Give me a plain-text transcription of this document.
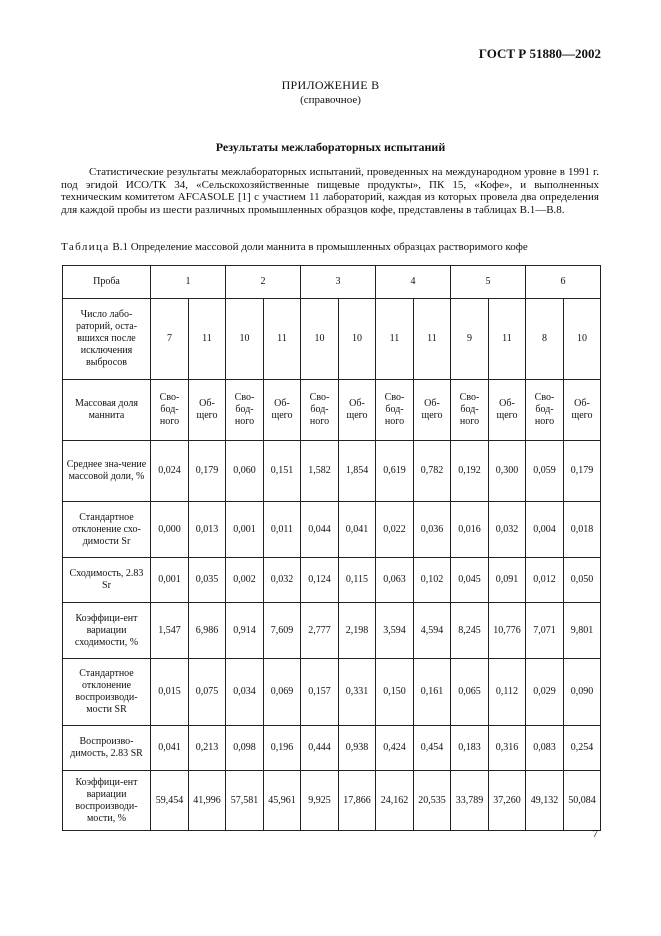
ГОСТ Р 51880—2002
ПРИЛОЖЕНИЕ В
(справочное)
Результаты межлабораторных испытаний

Статистические результаты межлабораторных испытаний, проведенных на международном уровне в 1991 г. под эгидой ИСО/ТК 34, «Сельскохозяйственные пищевые продукты», ПК 15, «Кофе», и выполненных техническим комитетом AFCASOLE [1] с участием 11 лабораторий, каждая из которых провела два определения для каждой пробы из шести различных промышленных образцов кофе, представлены в таблицах В.1—В.8.

Таблица В.1 Определение массовой доли маннита в промышленных образцах растворимого кофе
Проба	1		2		3		4		5		6	
Число лабо-раторий, оста-вшихся после исключения выбросов	7	11	10	11	10	10	11	11	9	11	8	10
Массовая доля маннита	Сво-бод-ного	Об-щего	Сво-бод-ного	Об-щего	Сво-бод-ного	Об-щего	Сво-бод-ного	Об-щего	Сво-бод-ного	Об-щего	Сво-бод-ного	Об-щего
Среднее зна-чение массовой доли, %	0,024	0,179	0,060	0,151	1,582	1,854	0,619	0,782	0,192	0,300	0,059	0,179
Стандартное отклонение схо-димости Sr	0,000	0,013	0,001	0,011	0,044	0,041	0,022	0,036	0,016	0,032	0,004	0,018
Сходимость, 2.83 Sr	0,001	0,035	0,002	0,032	0,124	0,115	0,063	0,102	0,045	0,091	0,012	0,050
Коэффици-ент вариации сходимости, %	1,547	6,986	0,914	7,609	2,777	2,198	3,594	4,594	8,245	10,776	7,071	9,801
Стандартное отклонение воспроизводи-мости SR	0,015	0,075	0,034	0,069	0,157	0,331	0,150	0,161	0,065	0,112	0,029	0,090
Воспроизво-димость, 2.83 SR	0,041	0,213	0,098	0,196	0,444	0,938	0,424	0,454	0,183	0,316	0,083	0,254
Коэффици-ент вариации воспроизводи-мости, %	59,454	41,996	57,581	45,961	9,925	17,866	24,162	20,535	33,789	37,260	49,132	50,084
7
